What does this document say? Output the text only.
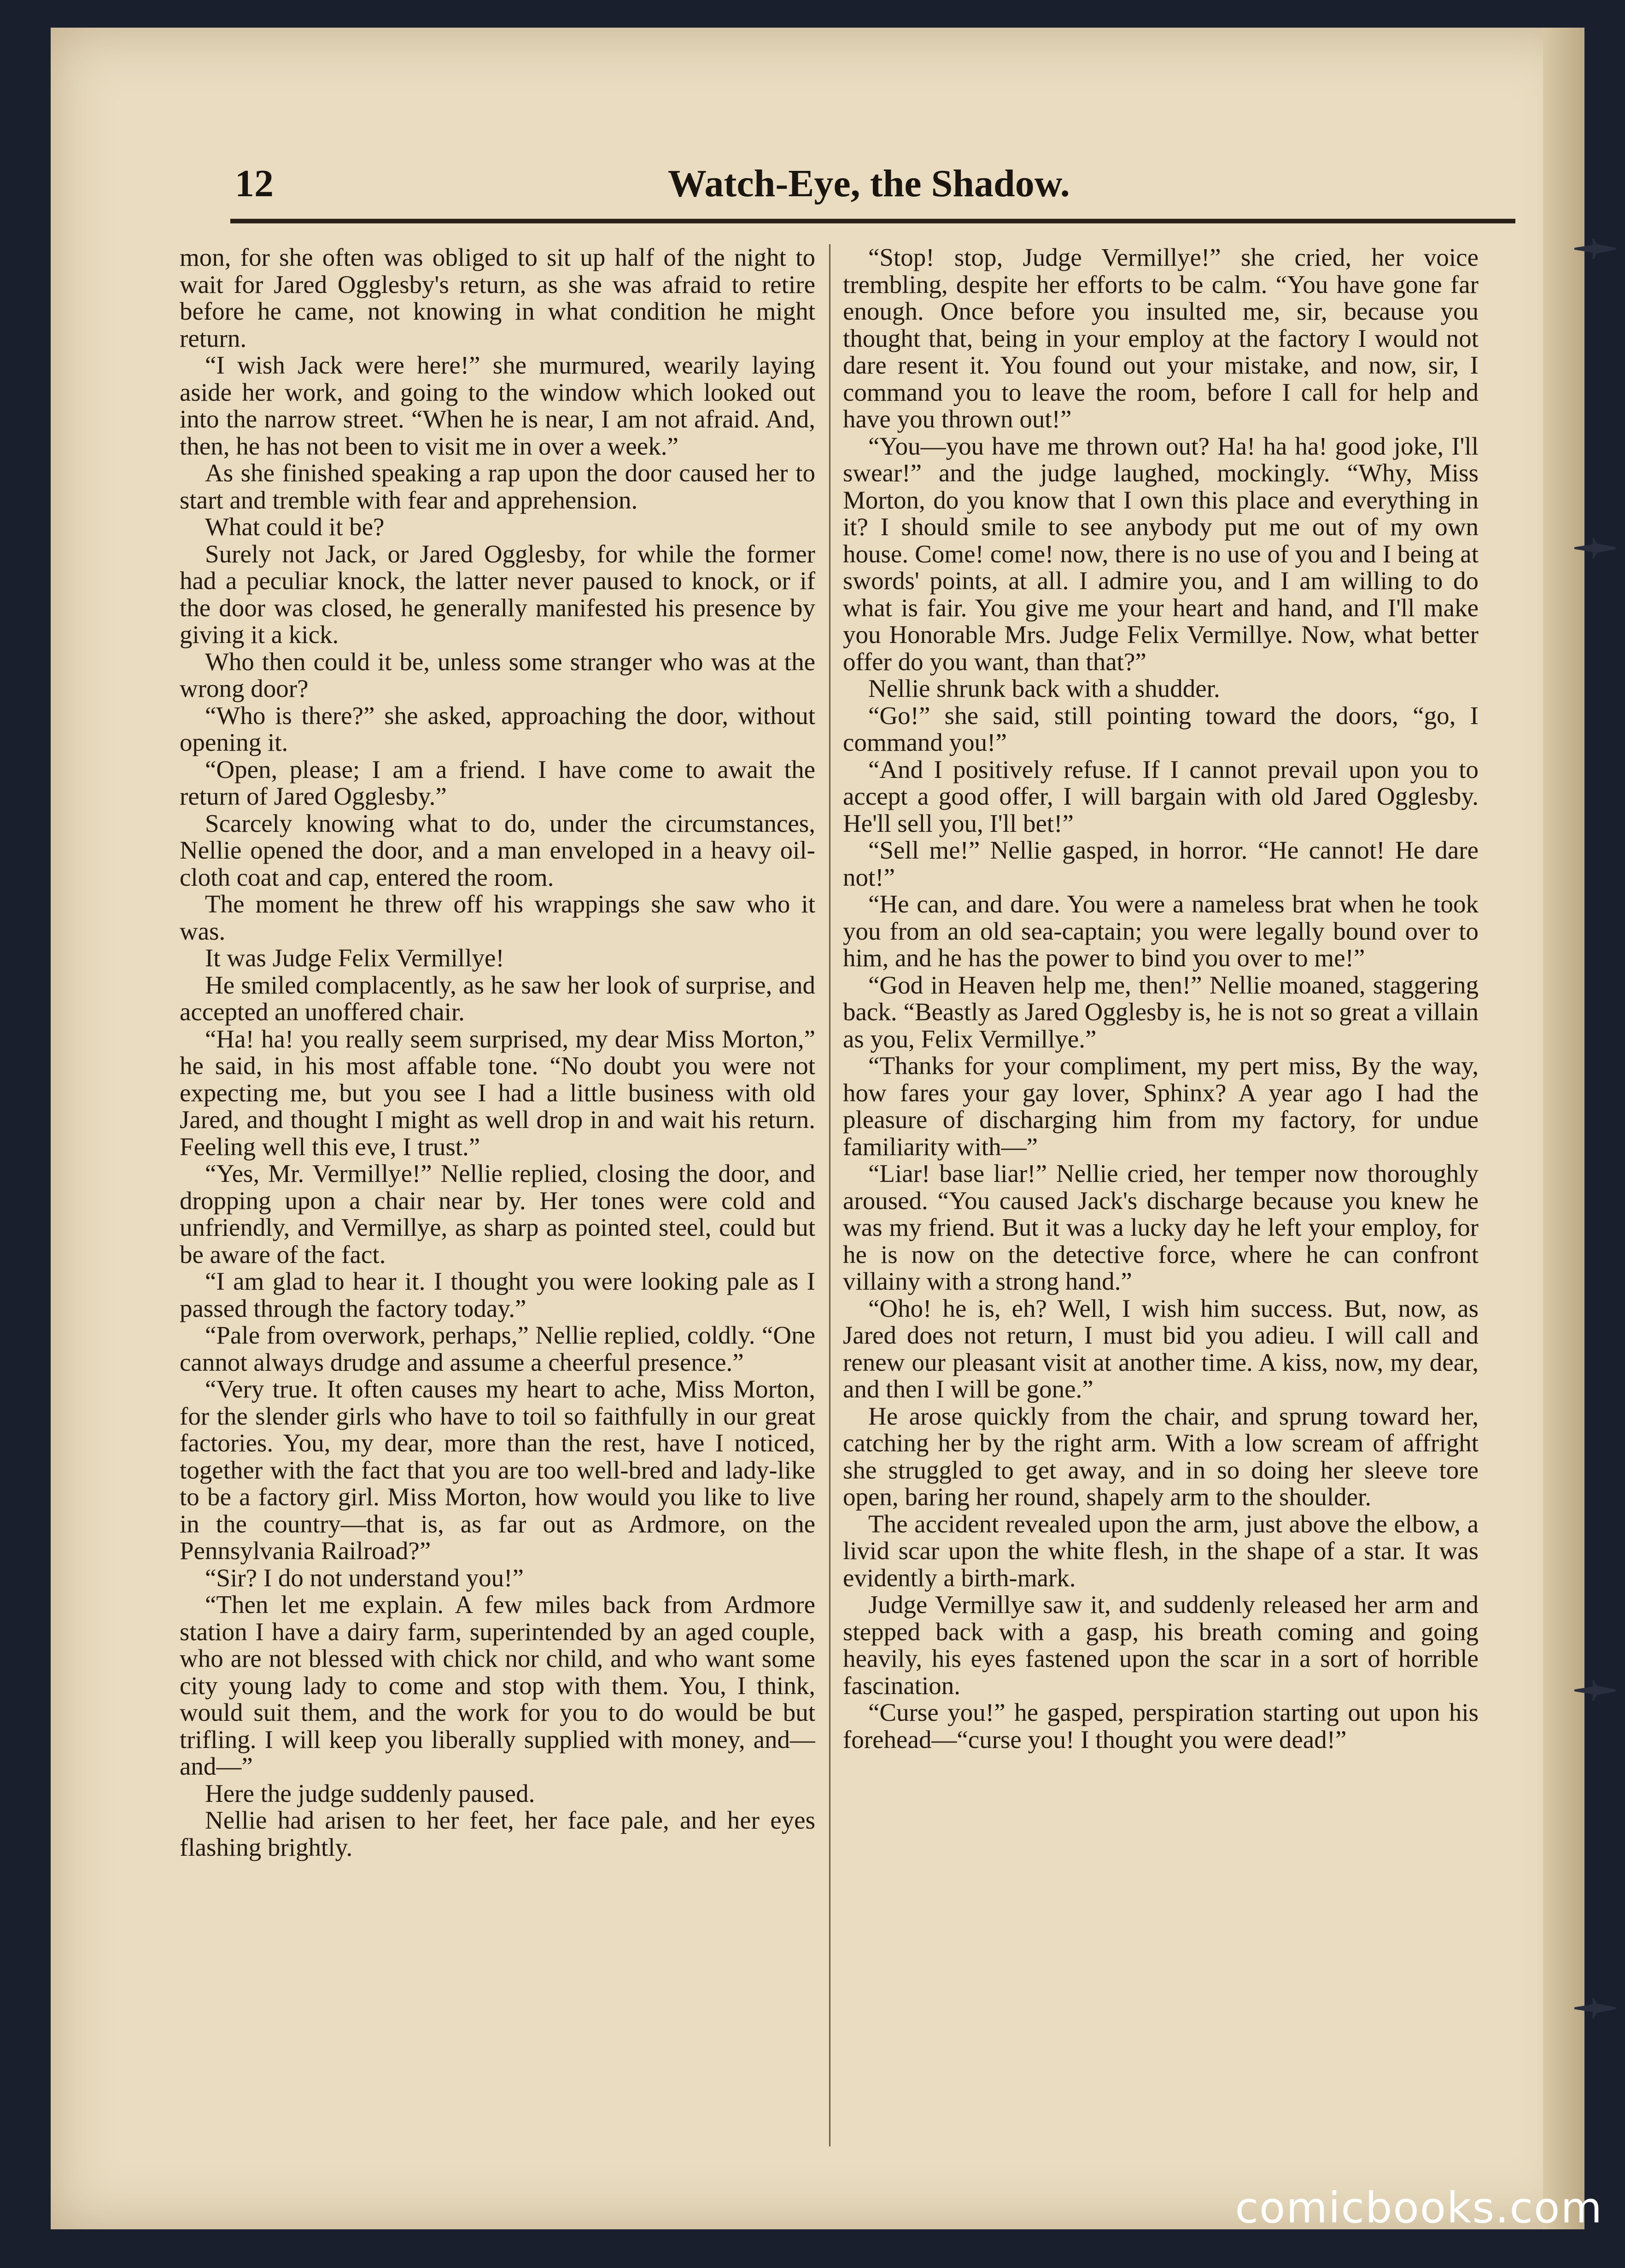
12	Watch-Eye, the Shadow.

mon, for she often was obliged to sit up half of the night to wait for Jared Ogglesby's return, as she was afraid to retire before he came, not knowing in what condition he might return.

“I wish Jack were here!” she murmured, wearily laying aside her work, and going to the window which looked out into the narrow street. “When he is near, I am not afraid. And, then, he has not been to visit me in over a week.”

As she finished speaking a rap upon the door caused her to start and tremble with fear and apprehension.

What could it be?

Surely not Jack, or Jared Ogglesby, for while the former had a peculiar knock, the latter never paused to knock, or if the door was closed, he generally manifested his presence by giving it a kick.

Who then could it be, unless some stranger who was at the wrong door?

“Who is there?” she asked, approaching the door, without opening it.

“Open, please; I am a friend. I have come to await the return of Jared Ogglesby.”

Scarcely knowing what to do, under the circumstances, Nellie opened the door, and a man enveloped in a heavy oil-cloth coat and cap, entered the room.

The moment he threw off his wrappings she saw who it was.

It was Judge Felix Vermillye!

He smiled complacently, as he saw her look of surprise, and accepted an unoffered chair.

“Ha! ha! you really seem surprised, my dear Miss Morton,” he said, in his most affable tone. “No doubt you were not expecting me, but you see I had a little business with old Jared, and thought I might as well drop in and wait his return. Feeling well this eve, I trust.”

“Yes, Mr. Vermillye!” Nellie replied, closing the door, and dropping upon a chair near by. Her tones were cold and unfriendly, and Vermillye, as sharp as pointed steel, could but be aware of the fact.

“I am glad to hear it. I thought you were looking pale as I passed through the factory today.”

“Pale from overwork, perhaps,” Nellie replied, coldly. “One cannot always drudge and assume a cheerful presence.”

“Very true. It often causes my heart to ache, Miss Morton, for the slender girls who have to toil so faithfully in our great factories. You, my dear, more than the rest, have I noticed, together with the fact that you are too well-bred and lady-like to be a factory girl. Miss Morton, how would you like to live in the country—that is, as far out as Ardmore, on the Pennsylvania Railroad?”

“Sir? I do not understand you!”

“Then let me explain. A few miles back from Ardmore station I have a dairy farm, superintended by an aged couple, who are not blessed with chick nor child, and who want some city young lady to come and stop with them. You, I think, would suit them, and the work for you to do would be but trifling. I will keep you liberally supplied with money, and—and—”

Here the judge suddenly paused.

Nellie had arisen to her feet, her face pale, and her eyes flashing brightly.

“Stop! stop, Judge Vermillye!” she cried, her voice trembling, despite her efforts to be calm. “You have gone far enough. Once before you insulted me, sir, because you thought that, being in your employ at the factory I would not dare resent it. You found out your mistake, and now, sir, I command you to leave the room, before I call for help and have you thrown out!”

“You—you have me thrown out? Ha! ha ha! good joke, I'll swear!” and the judge laughed, mockingly. “Why, Miss Morton, do you know that I own this place and everything in it? I should smile to see anybody put me out of my own house. Come! come! now, there is no use of you and I being at swords' points, at all. I admire you, and I am willing to do what is fair. You give me your heart and hand, and I'll make you Honorable Mrs. Judge Felix Vermillye. Now, what better offer do you want, than that?”

Nellie shrunk back with a shudder.

“Go!” she said, still pointing toward the doors, “go, I command you!”

“And I positively refuse. If I cannot prevail upon you to accept a good offer, I will bargain with old Jared Ogglesby. He'll sell you, I'll bet!”

“Sell me!” Nellie gasped, in horror. “He cannot! He dare not!”

“He can, and dare. You were a nameless brat when he took you from an old sea-captain; you were legally bound over to him, and he has the power to bind you over to me!”

“God in Heaven help me, then!” Nellie moaned, staggering back. “Beastly as Jared Ogglesby is, he is not so great a villain as you, Felix Vermillye.”

“Thanks for your compliment, my pert miss, By the way, how fares your gay lover, Sphinx? A year ago I had the pleasure of discharging him from my factory, for undue familiarity with—”

“Liar! base liar!” Nellie cried, her temper now thoroughly aroused. “You caused Jack's discharge because you knew he was my friend. But it was a lucky day he left your employ, for he is now on the detective force, where he can confront villainy with a strong hand.”

“Oho! he is, eh? Well, I wish him success. But, now, as Jared does not return, I must bid you adieu. I will call and renew our pleasant visit at another time. A kiss, now, my dear, and then I will be gone.”

He arose quickly from the chair, and sprung toward her, catching her by the right arm. With a low scream of affright she struggled to get away, and in so doing her sleeve tore open, baring her round, shapely arm to the shoulder.

The accident revealed upon the arm, just above the elbow, a livid scar upon the white flesh, in the shape of a star. It was evidently a birth-mark.

Judge Vermillye saw it, and suddenly released her arm and stepped back with a gasp, his breath coming and going heavily, his eyes fastened upon the scar in a sort of horrible fascination.

“Curse you!” he gasped, perspiration starting out upon his forehead—“curse you! I thought you were dead!”

comicbooks.com
